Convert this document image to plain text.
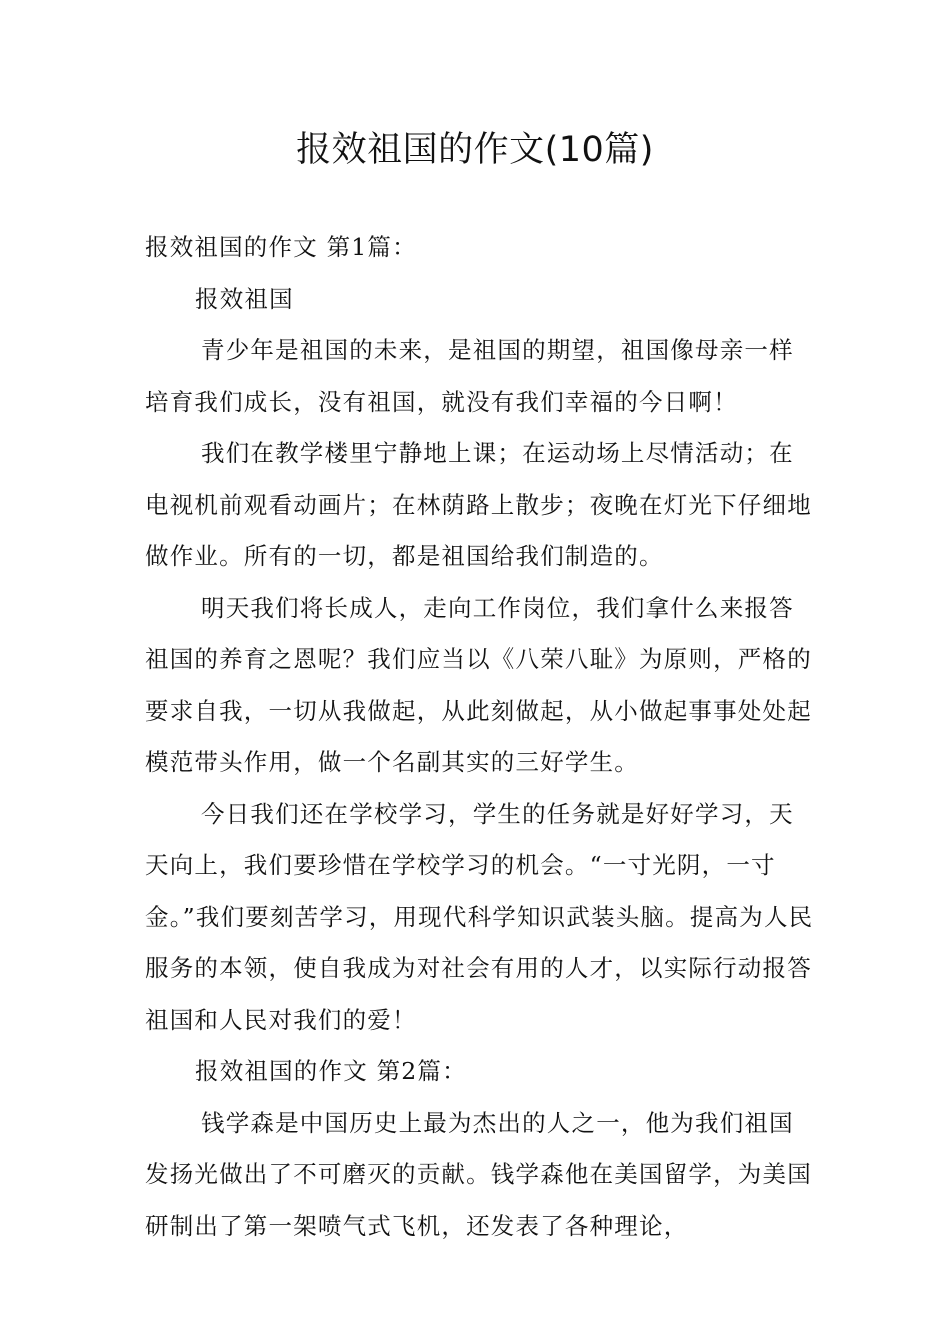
报效祖国的作文(10篇)

报效祖国的作文 第1篇：

报效祖国

青少年是祖国的未来，是祖国的期望，祖国像母亲一样培育我们成长，没有祖国，就没有我们幸福的今日啊！

我们在教学楼里宁静地上课；在运动场上尽情活动；在电视机前观看动画片；在林荫路上散步；夜晚在灯光下仔细地做作业。所有的一切，都是祖国给我们制造的。

明天我们将长成人，走向工作岗位，我们拿什么来报答祖国的养育之恩呢？我们应当以《八荣八耻》为原则，严格的要求自我，一切从我做起，从此刻做起，从小做起事事处处起模范带头作用，做一个名副其实的三好学生。

今日我们还在学校学习，学生的任务就是好好学习，天天向上，我们要珍惜在学校学习的机会。“一寸光阴，一寸金。”我们要刻苦学习，用现代科学知识武装头脑。提高为人民服务的本领，使自我成为对社会有用的人才，以实际行动报答祖国和人民对我们的爱！

报效祖国的作文 第2篇：

钱学森是中国历史上最为杰出的人之一，他为我们祖国发扬光做出了不可磨灭的贡献。钱学森他在美国留学，为美国研制出了第一架喷气式飞机，还发表了各种理论，
